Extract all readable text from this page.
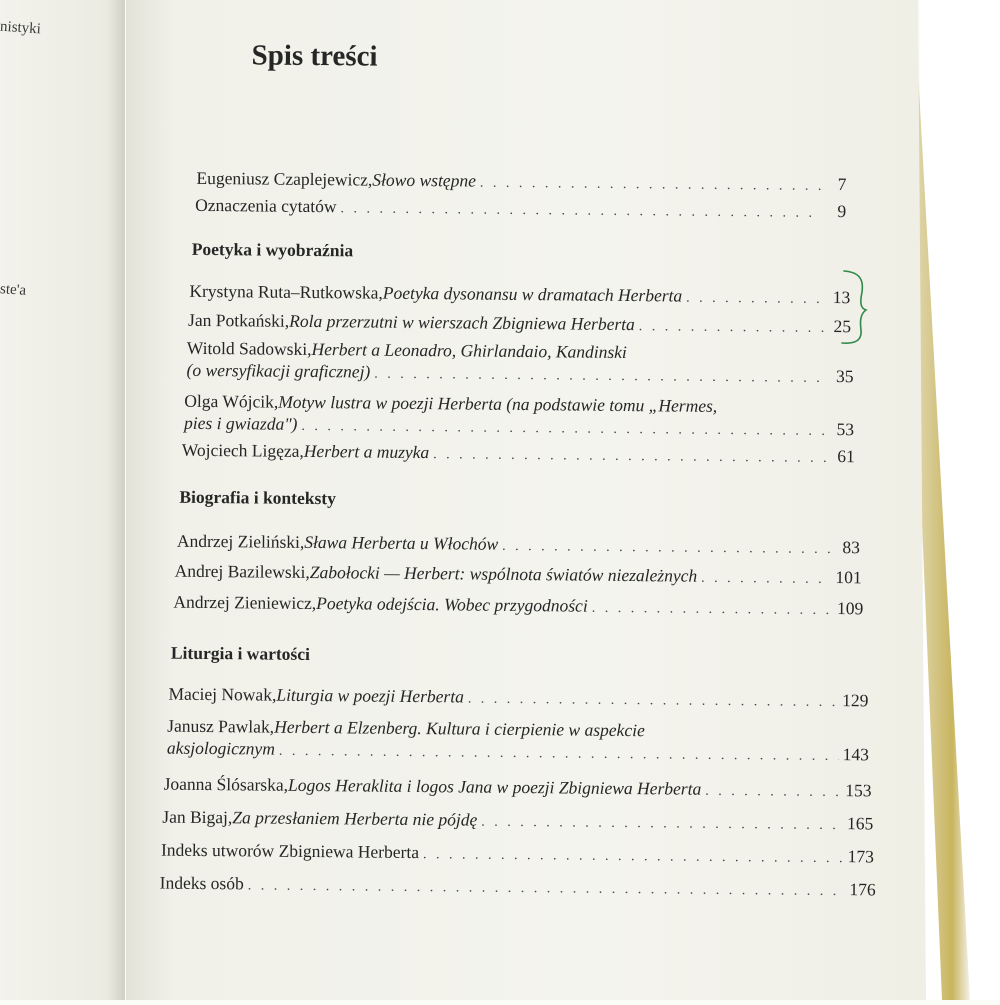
nistyki
ste'a
Spis treści
Eugeniusz Czaplejewicz, Słowo wstępne . . .	7
Oznaczenia cytatów . . .	9
Poetyka i wyobraźnia
Krystyna Ruta–Rutkowska, Poetyka dysonansu w dramatach Herberta . . .	13
Jan Potkański, Rola przerzutni w wierszach Zbigniewa Herberta . . .	25
Witold Sadowski, Herbert a Leonadro, Ghirlandaio, Kandinski
(o wersyfikacji graficznej) . . .	35
Olga Wójcik, Motyw lustra w poezji Herberta (na podstawie tomu „Hermes,
pies i gwiazda") . . .	53
Wojciech Ligęza, Herbert a muzyka . . .	61
Biografia i konteksty
Andrzej Zieliński, Sława Herberta u Włochów . . .	83
Andrej Bazilewski, Zabołocki — Herbert: wspólnota światów niezależnych . . .	101
Andrzej Zieniewicz, Poetyka odejścia. Wobec przygodności . . .	109
Liturgia i wartości
Maciej Nowak, Liturgia w poezji Herberta . . .	129
Janusz Pawlak, Herbert a Elzenberg. Kultura i cierpienie w aspekcie
aksjologicznym . . .	143
Joanna Ślósarska, Logos Heraklita i logos Jana w poezji Zbigniewa Herberta . . .	153
Jan Bigaj, Za przesłaniem Herberta nie pójdę . . .	165
Indeks utworów Zbigniewa Herberta . . .	173
Indeks osób . . .	176
